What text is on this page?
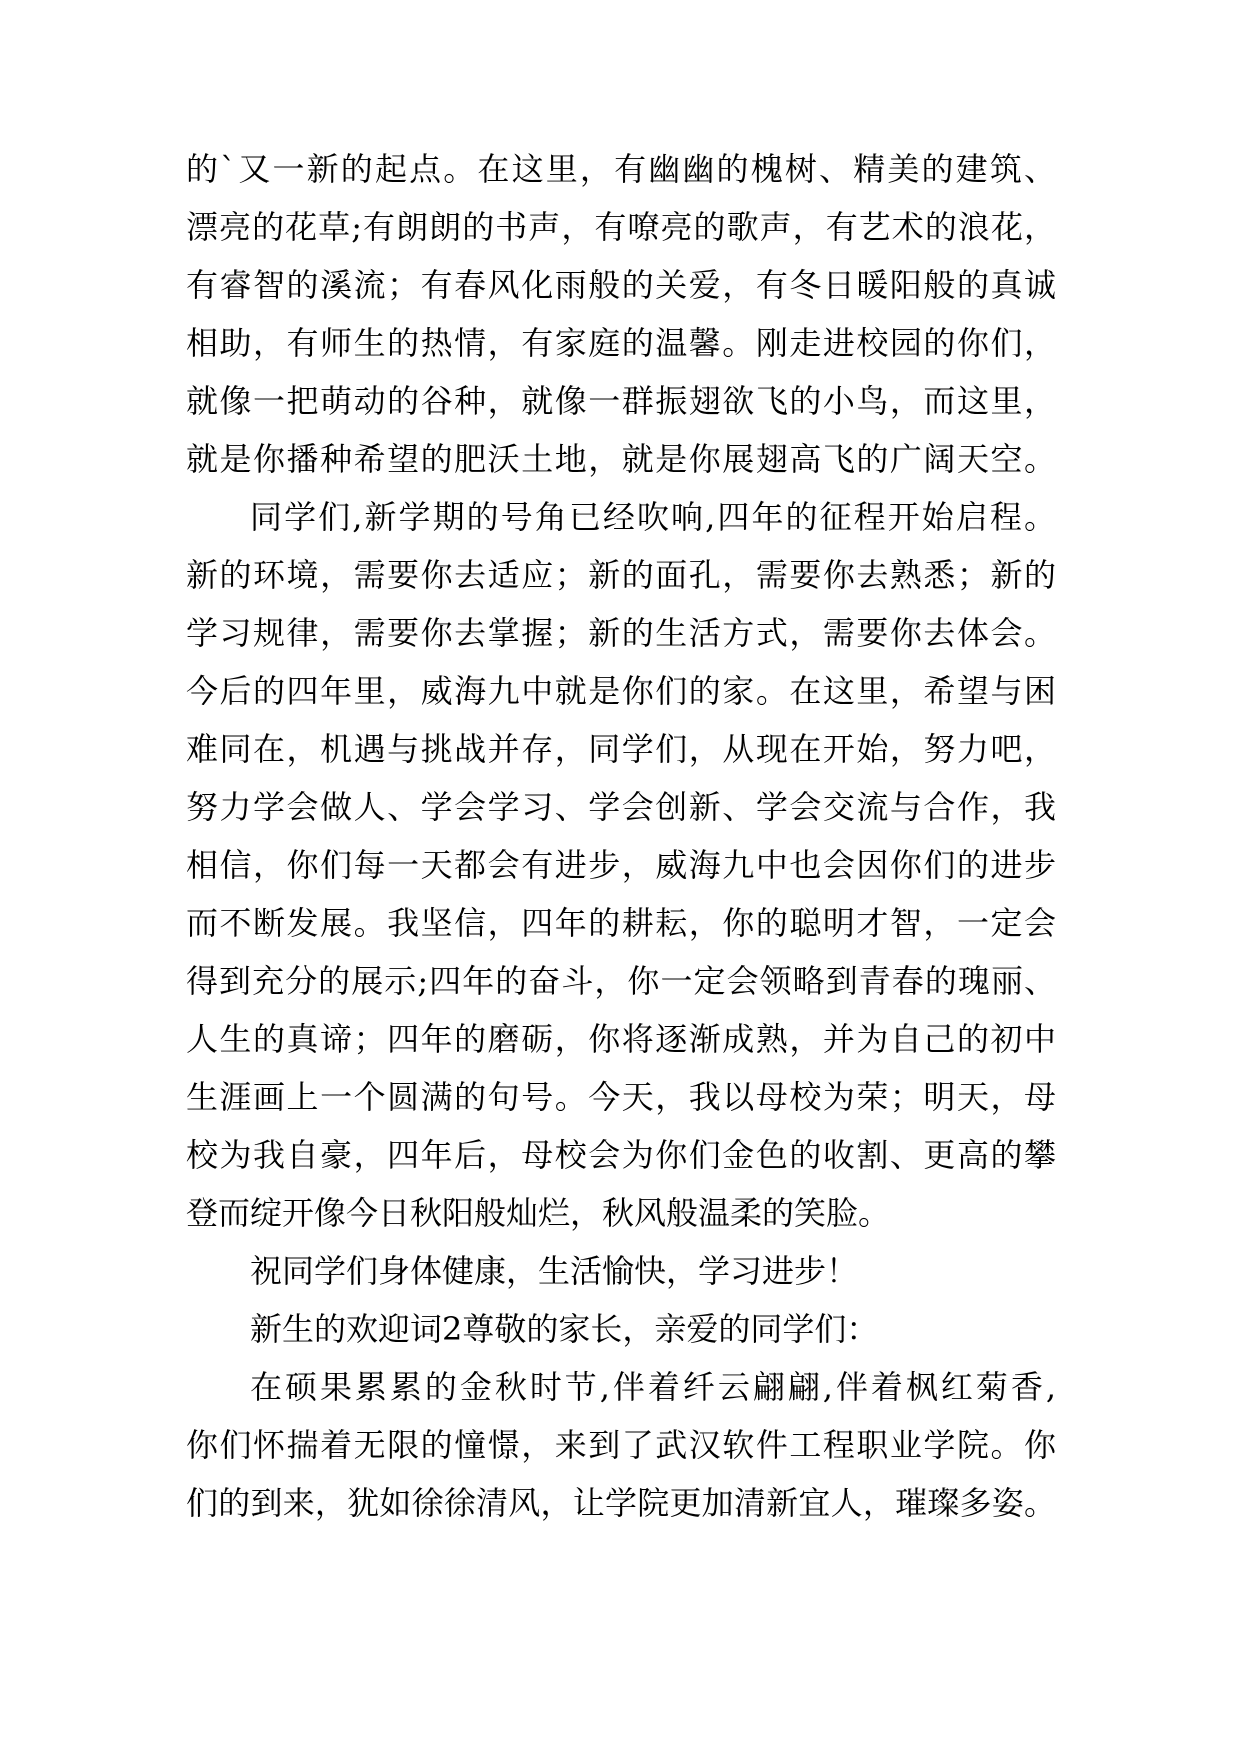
的`又一新的起点。在这里，有幽幽的槐树、精美的建筑、
漂亮的花草;有朗朗的书声，有嘹亮的歌声，有艺术的浪花，
有睿智的溪流；有春风化雨般的关爱，有冬日暖阳般的真诚
相助，有师生的热情，有家庭的温馨。刚走进校园的你们，
就像一把萌动的谷种，就像一群振翅欲飞的小鸟，而这里，
就是你播种希望的肥沃土地，就是你展翅高飞的广阔天空。
同学们,新学期的号角已经吹响,四年的征程开始启程。
新的环境，需要你去适应；新的面孔，需要你去熟悉；新的
学习规律，需要你去掌握；新的生活方式，需要你去体会。
今后的四年里，威海九中就是你们的家。在这里，希望与困
难同在，机遇与挑战并存，同学们，从现在开始，努力吧，
努力学会做人、学会学习、学会创新、学会交流与合作，我
相信，你们每一天都会有进步，威海九中也会因你们的进步
而不断发展。我坚信，四年的耕耘，你的聪明才智，一定会
得到充分的展示;四年的奋斗，你一定会领略到青春的瑰丽、
人生的真谛；四年的磨砺，你将逐渐成熟，并为自己的初中
生涯画上一个圆满的句号。今天，我以母校为荣；明天，母
校为我自豪，四年后，母校会为你们金色的收割、更高的攀
登而绽开像今日秋阳般灿烂，秋风般温柔的笑脸。
祝同学们身体健康，生活愉快，学习进步！
新生的欢迎词2尊敬的家长，亲爱的同学们：
在硕果累累的金秋时节,伴着纤云翩翩,伴着枫红菊香,
你们怀揣着无限的憧憬，来到了武汉软件工程职业学院。你
们的到来，犹如徐徐清风，让学院更加清新宜人，璀璨多姿。
